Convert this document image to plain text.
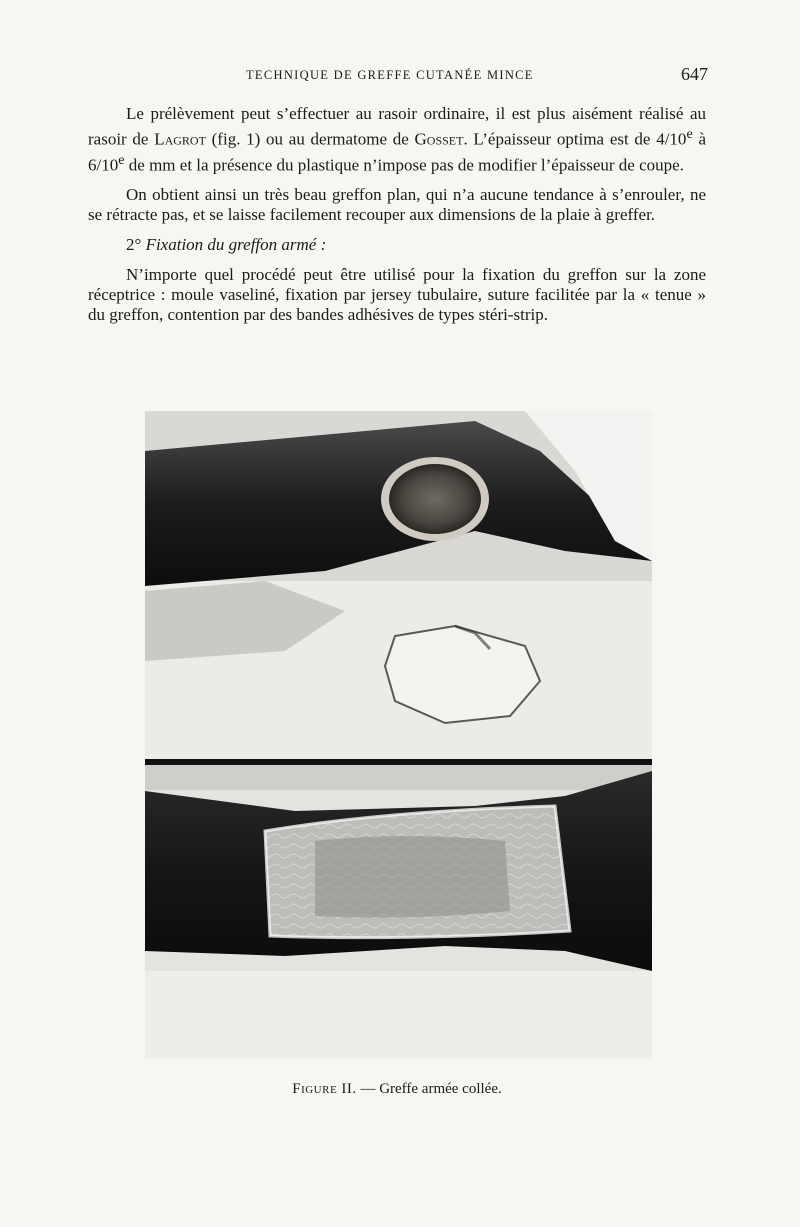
TECHNIQUE DE GREFFE CUTANÉE MINCE	647

Le prélèvement peut s’effectuer au rasoir ordinaire, il est plus aisément réalisé au rasoir de Lagrot (fig. 1) ou au dermatome de Gosset. L’épaisseur optima est de 4/10e à 6/10e de mm et la présence du plastique n’impose pas de modifier l’épaisseur de coupe.

On obtient ainsi un très beau greffon plan, qui n’a aucune tendance à s’enrouler, ne se rétracte pas, et se laisse facilement recouper aux dimensions de la plaie à greffer.

2° Fixation du greffon armé :

N’importe quel procédé peut être utilisé pour la fixation du greffon sur la zone réceptrice : moule vaseliné, fixation par jersey tubulaire, suture facilitée par la « tenue » du greffon, contention par des bandes adhésives de types stéri-strip.

Figure II. — Greffe armée collée.
